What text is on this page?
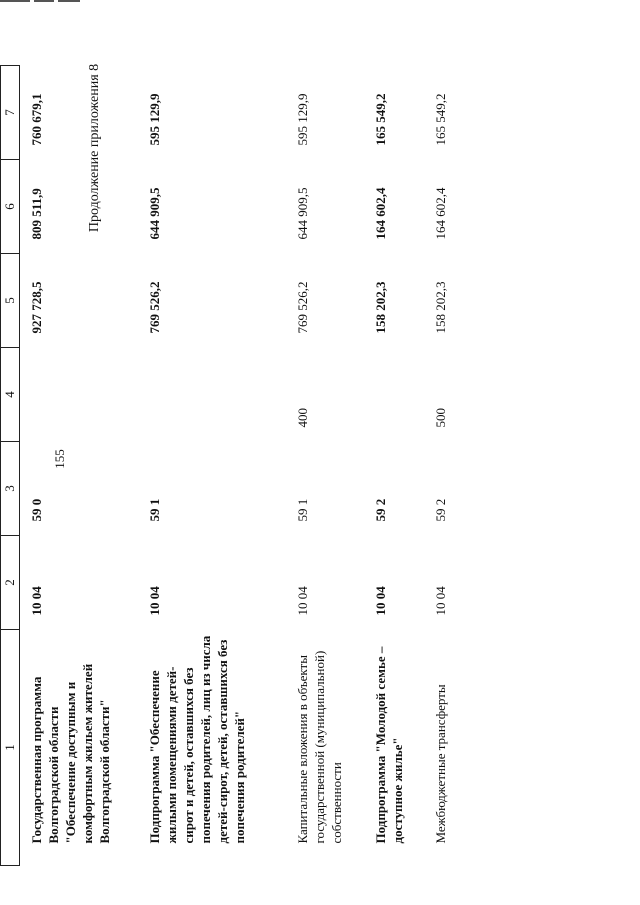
155
Продолжение приложения 8
1	2	3	4	5	6	7
Государственная программа Волгоградской области "Обеспечение доступным и комфортным жильем жителей Волгоградской области"	10 04	59 0		927 728,5	809 511,9	760 679,1
Подпрограмма "Обеспечение жилыми помещениями детей-сирот и детей, оставшихся без попечения родителей, лиц из числа детей-сирот, детей, оставшихся без попечения родителей"	10 04	59 1		769 526,2	644 909,5	595 129,9
Капитальные вложения в объекты государственной (муниципальной) собственности	10 04	59 1	400	769 526,2	644 909,5	595 129,9
Подпрограмма "Молодой семье – доступное жилье"	10 04	59 2		158 202,3	164 602,4	165 549,2
Межбюджетные трансферты	10 04	59 2	500	158 202,3	164 602,4	165 549,2
